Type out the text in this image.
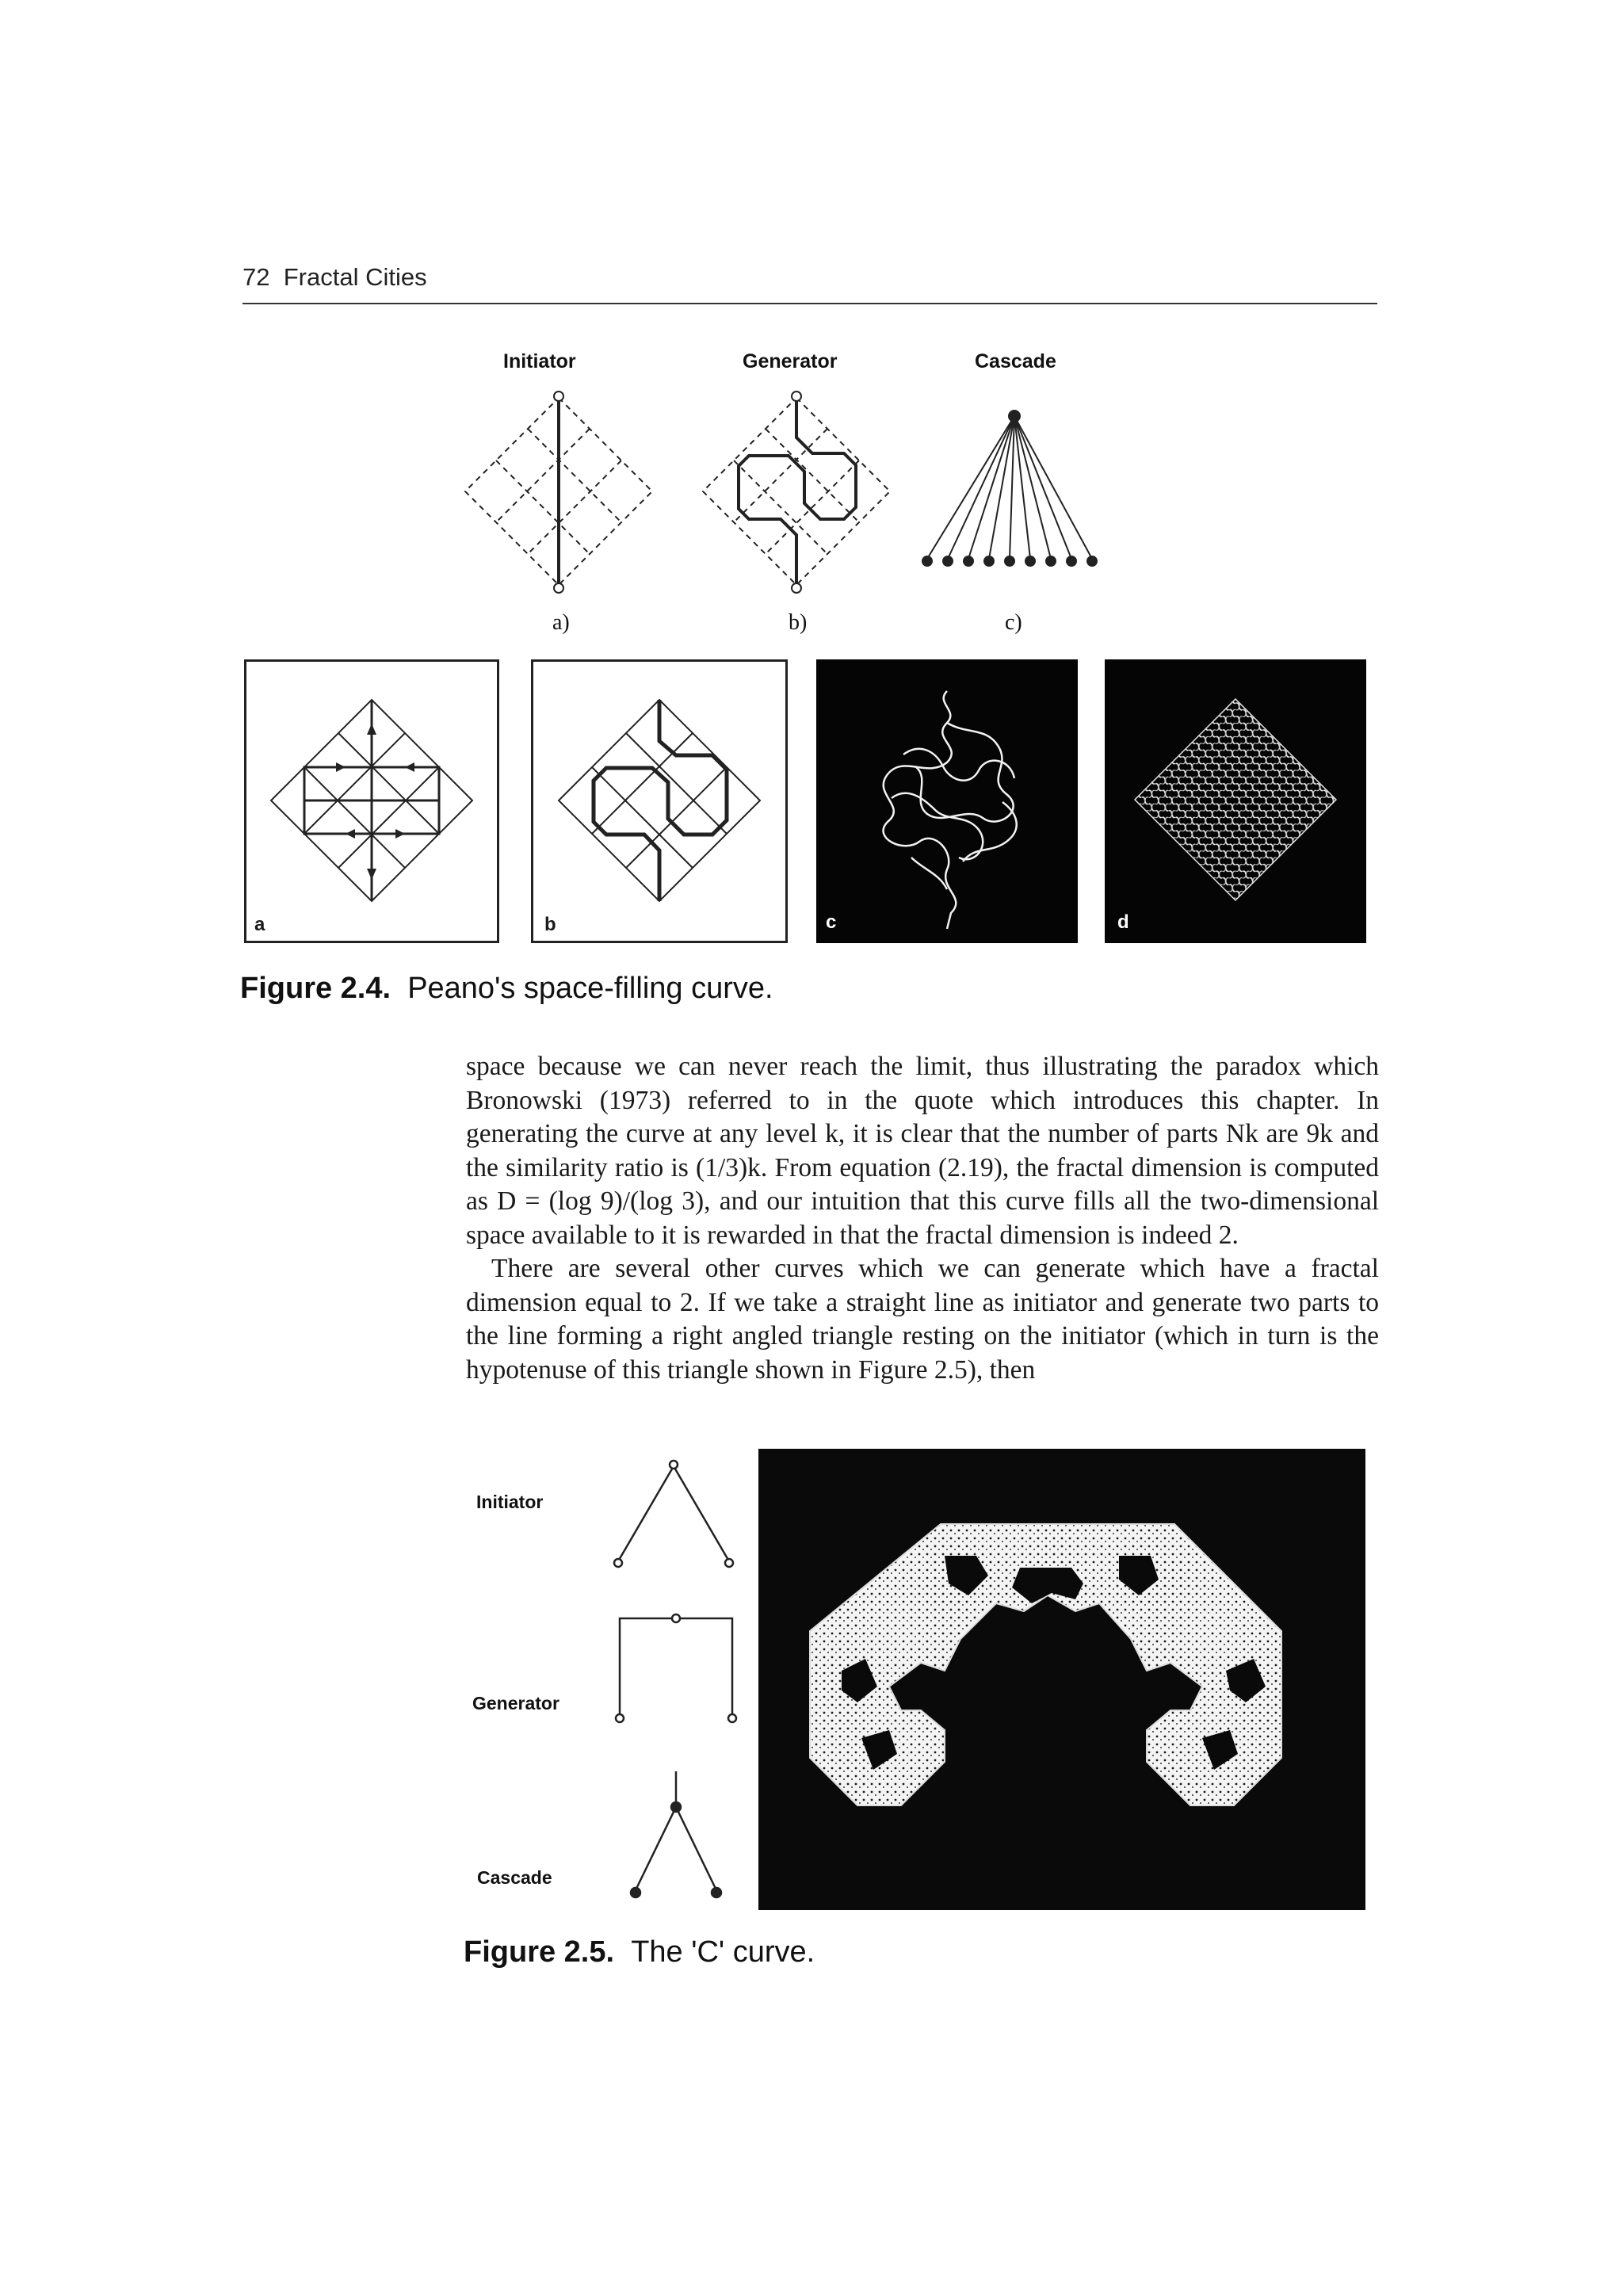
72 Fractal Cities
Initiator	Generator	Cascade
a)	b)	c)
a	b	c	d
Figure 2.4. Peano's space-filling curve.

space because we can never reach the limit, thus illustrating the paradox which Bronowski (1973) referred to in the quote which introduces this chapter. In generating the curve at any level k, it is clear that the number of parts Nk are 9k and the similarity ratio is (1/3)k. From equation (2.19), the fractal dimension is computed as D = (log 9)/(log 3), and our intuition that this curve fills all the two-dimensional space available to it is rewarded in that the fractal dimension is indeed 2.

There are several other curves which we can generate which have a fractal dimension equal to 2. If we take a straight line as initiator and generate two parts to the line forming a right angled triangle resting on the initiator (which in turn is the hypotenuse of this triangle shown in Figure 2.5), then

Initiator
Generator
Cascade
Figure 2.5. The 'C' curve.
